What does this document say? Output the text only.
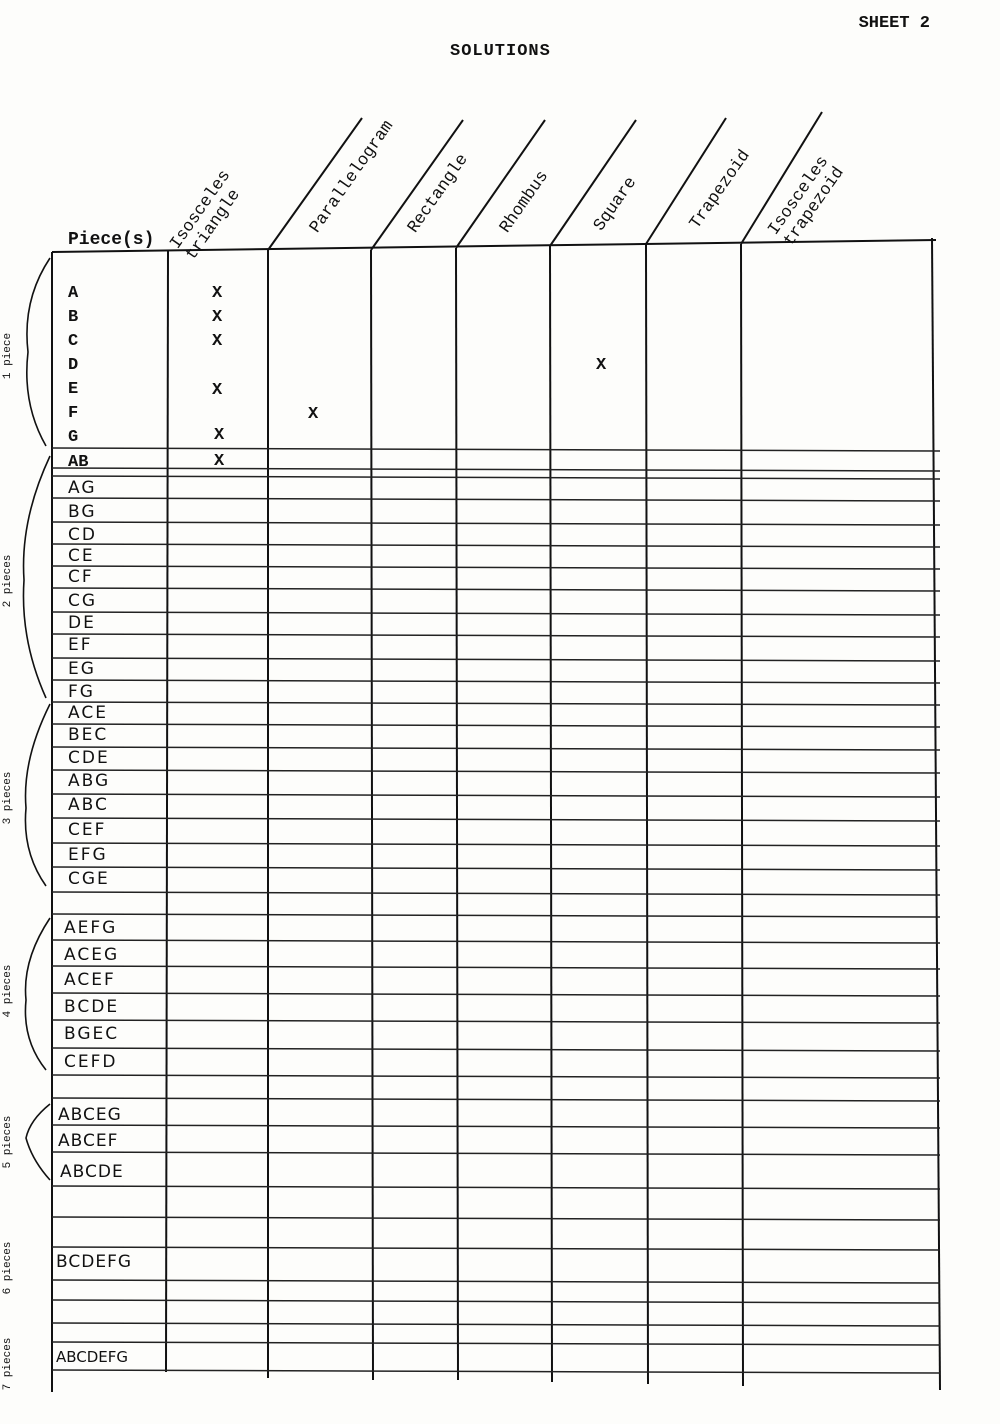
SHEET 2
SOLUTIONS
Piece(s) Isosceles
triangle	Parallelogram Rectangle Rhombus Square	Trapezoid Isosceles
trapezoid
1 piece
2 pieces
3 pieces
4 pieces
5 pieces
6 pieces
7 pieces
A
B
C
D
E
F
G
AB
AG
BG
CD
CE
CF
CG
DE
EF
EG
FG
ACE
BEC
CDE
ABG
ABC
CEF
EFG
CGE
AEFG
ACEG
ACEF
BCDE
BGEC
CEFD
ABCEG
ABCEF
ABCDE
BCDEFG
ABCDEFG
X
X
X
X
X
X
X
X
